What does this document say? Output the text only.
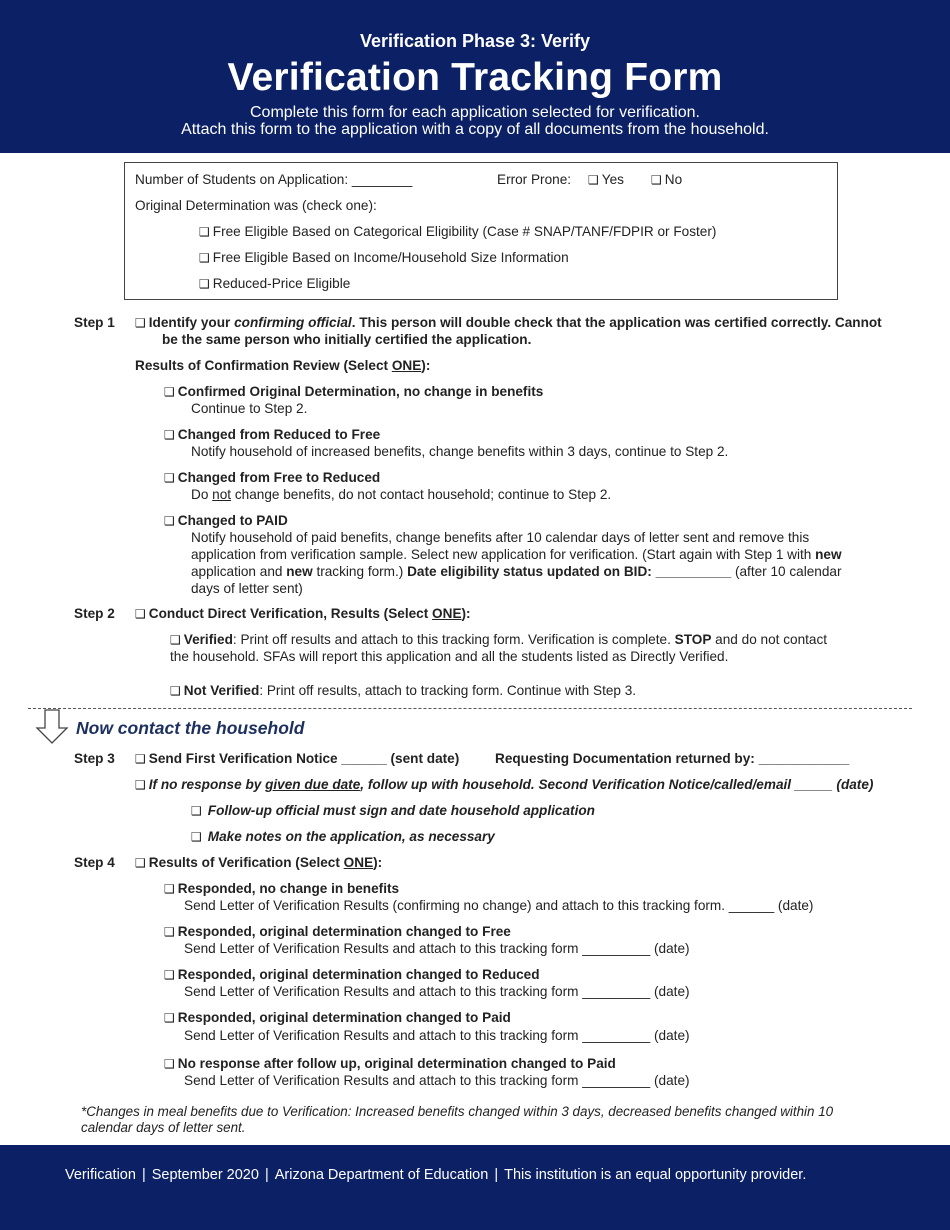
Verification Phase 3: Verify
Verification Tracking Form
Complete this form for each application selected for verification.
Attach this form to the application with a copy of all documents from the household.
Number of Students on Application: ________	Error Prone: ❑ Yes ❑ No
Original Determination was (check one):
❑ Free Eligible Based on Categorical Eligibility (Case # SNAP/TANF/FDPIR or Foster)
❑ Free Eligible Based on Income/Household Size Information
❑ Reduced-Price Eligible
Step 1 ❑ Identify your confirming official. This person will double check that the application was certified correctly. Cannot
be the same person who initially certified the application.
Results of Confirmation Review (Select ONE):
❑ Confirmed Original Determination, no change in benefits
Continue to Step 2.
❑ Changed from Reduced to Free
Notify household of increased benefits, change benefits within 3 days, continue to Step 2.
❑ Changed from Free to Reduced
Do not change benefits, do not contact household; continue to Step 2.
❑ Changed to PAID
Notify household of paid benefits, change benefits after 10 calendar days of letter sent and remove this
application from verification sample. Select new application for verification. (Start again with Step 1 with new
application and new tracking form.) Date eligibility status updated on BID: __________ (after 10 calendar
days of letter sent)
Step 2 ❑ Conduct Direct Verification, Results (Select ONE):
❑ Verified: Print off results and attach to this tracking form. Verification is complete. STOP and do not contact
the household. SFAs will report this application and all the students listed as Directly Verified.
❑ Not Verified: Print off results, attach to tracking form. Continue with Step 3.
Now contact the household
Step 3 ❑ Send First Verification Notice ______ (sent date)	Requesting Documentation returned by: ____________
❑ If no response by given due date, follow up with household. Second Verification Notice/called/email _____ (date)
❑ Follow-up official must sign and date household application
❑ Make notes on the application, as necessary
Step 4 ❑ Results of Verification (Select ONE):
❑ Responded, no change in benefits
Send Letter of Verification Results (confirming no change) and attach to this tracking form. ______ (date)
❑ Responded, original determination changed to Free
Send Letter of Verification Results and attach to this tracking form _________ (date)
❑ Responded, original determination changed to Reduced
Send Letter of Verification Results and attach to this tracking form _________ (date)
❑ Responded, original determination changed to Paid
Send Letter of Verification Results and attach to this tracking form _________ (date)
❑ No response after follow up, original determination changed to Paid
Send Letter of Verification Results and attach to this tracking form _________ (date)
*Changes in meal benefits due to Verification: Increased benefits changed within 3 days, decreased benefits changed within 10 calendar days of letter sent.
Verification | September 2020 | Arizona Department of Education | This institution is an equal opportunity provider.
